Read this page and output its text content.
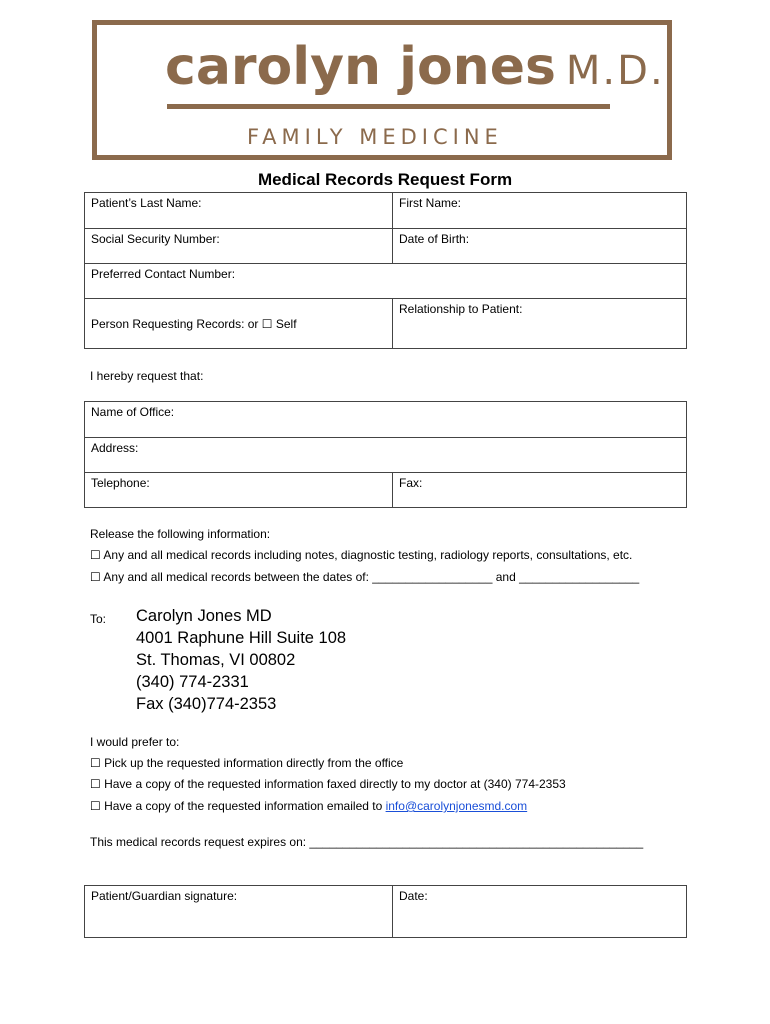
carolyn jones M.D.
FAMILY MEDICINE
Medical Records Request Form
Patient’s Last Name:	First Name:
Social Security Number:	Date of Birth:
Preferred Contact Number:	
Person Requesting Records: or ☐ Self	Relationship to Patient:
I hereby request that:
Name of Office:
Address:
Telephone:	Fax:
Release the following information:
☐ Any and all medical records including notes, diagnostic testing, radiology reports, consultations, etc.
☐ Any and all medical records between the dates of: __________________ and __________________
To: Carolyn Jones MD
4001 Raphune Hill Suite 108
St. Thomas, VI 00802
(340) 774-2331
Fax (340)774-2353
I would prefer to:
☐ Pick up the requested information directly from the office
☐ Have a copy of the requested information faxed directly to my doctor at (340) 774-2353
☐ Have a copy of the requested information emailed to info@carolynjonesmd.com
This medical records request expires on: __________________________________________________
Patient/Guardian signature:	Date:
